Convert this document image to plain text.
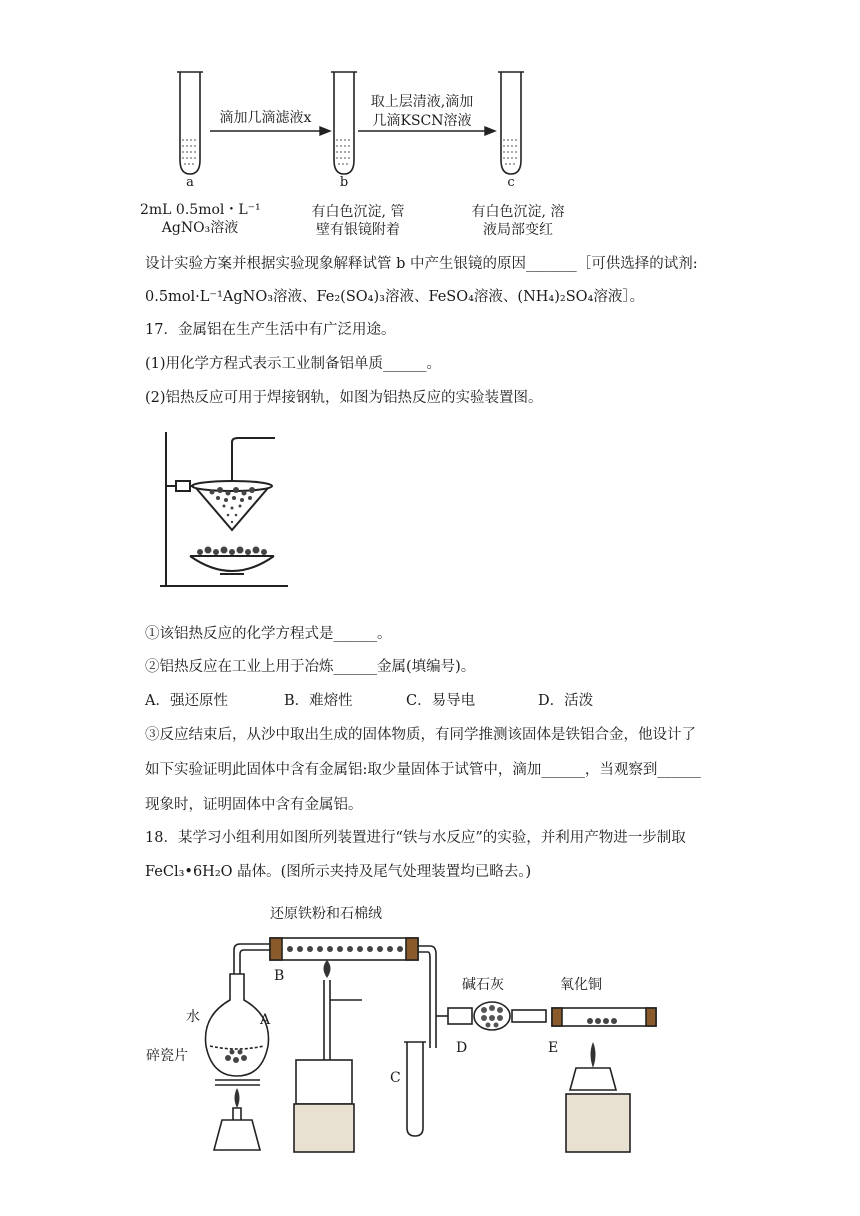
滴加几滴滤液x
取上层清液,滴加
几滴KSCN溶液
a	b	c
2mL 0.5mol・L⁻¹
AgNO₃溶液
有白色沉淀, 管
壁有银镜附着
有白色沉淀, 溶
液局部变红
设计实验方案并根据实验现象解释试管 b 中产生银镜的原因_______［可供选择的试剂:
0.5mol·L⁻¹AgNO₃溶液、Fe₂(SO₄)₃溶液、FeSO₄溶液、(NH₄)₂SO₄溶液］。
17．金属铝在生产生活中有广泛用途。
(1)用化学方程式表示工业制备铝单质______。
(2)铝热反应可用于焊接钢轨，如图为铝热反应的实验装置图。
①该铝热反应的化学方程式是______。
②铝热反应在工业上用于冶炼______金属(填编号)。
A．强还原性	B．难熔性	C．易导电	D．活泼
③反应结束后，从沙中取出生成的固体物质，有同学推测该固体是铁铝合金，他设计了
如下实验证明此固体中含有金属铝:取少量固体于试管中，滴加______，当观察到______
现象时，证明固体中含有金属铝。
18．某学习小组利用如图所列装置进行“铁与水反应”的实验，并利用产物进一步制取
FeCl₃•6H₂O 晶体。(图所示夹持及尾气处理装置均已略去。)
还原铁粉和石棉绒
B
水	A
碎瓷片
C
碱石灰
D
氧化铜
E
